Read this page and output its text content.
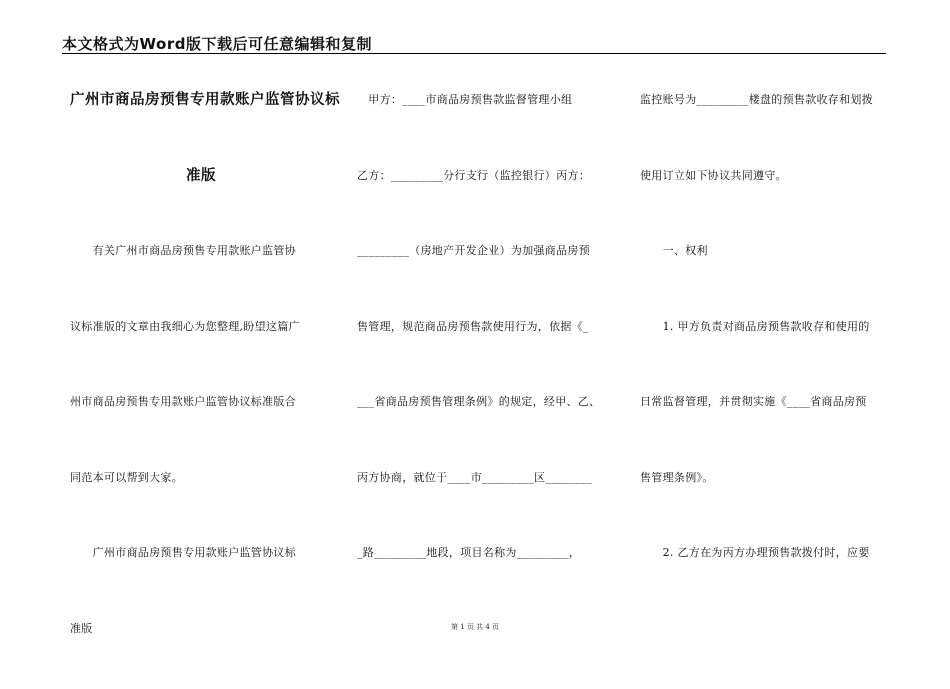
本文格式为Word版下载后可任意编辑和复制
广州市商品房预售专用款账户监管协议标
准版
　　有关广州市商品房预售专用款账户监管协
议标准版的文章由我细心为您整理,盼望这篇广
州市商品房预售专用款账户监管协议标准版合
同范本可以帮到大家。
　　广州市商品房预售专用款账户监管协议标
准版
　甲方：____市商品房预售款监督管理小组
乙方：_________分行支行（监控银行）丙方：
_________（房地产开发企业）为加强商品房预
售管理，规范商品房预售款使用行为，依据《_
___省商品房预售管理条例》的规定，经甲、乙、
丙方协商，就位于____市_________区________
_路_________地段，项目名称为_________，
监控账号为_________楼盘的预售款收存和划拨
使用订立如下协议共同遵守。
　　一、权利
　　1. 甲方负责对商品房预售款收存和使用的
日常监督管理，并贯彻实施《____省商品房预
售管理条例》。
　　2. 乙方在为丙方办理预售款拨付时，应要
第 1 页 共 4 页
